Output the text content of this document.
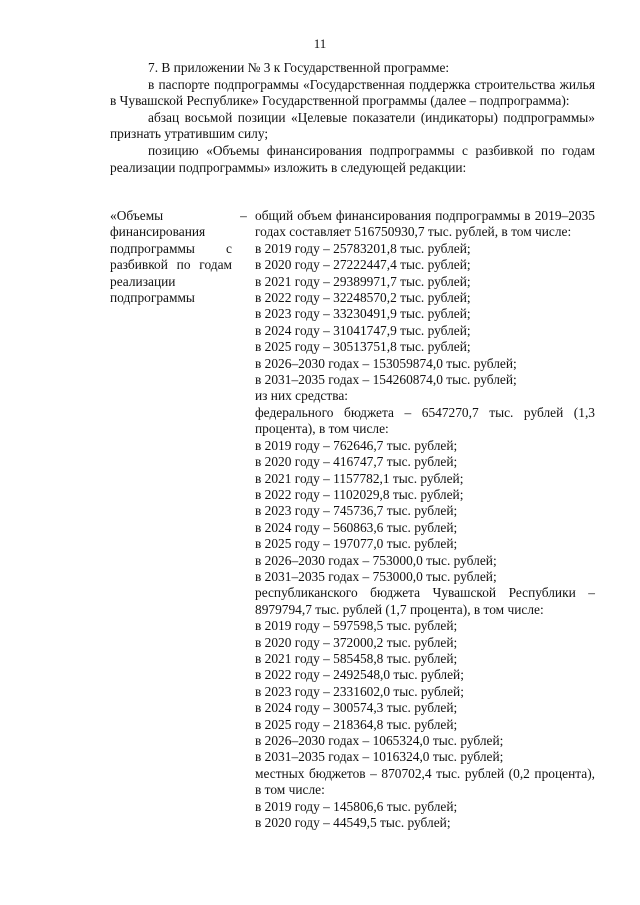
11

7. В приложении № 3 к Государственной программе:

в паспорте подпрограммы «Государственная поддержка строительства жилья в Чувашской Республике» Государственной программы (далее – подпрограмма):

абзац восьмой позиции «Целевые показатели (индикаторы) подпрограммы» признать утратившим силу;

позицию «Объемы финансирования подпрограммы с разбивкой по годам реализации подпрограммы» изложить в следующей редакции:

«Объемы финансирования подпрограммы с разбивкой по годам реализации подпрограммы
– общий объем финансирования подпрограммы в 2019–2035 годах составляет 516750930,7 тыс. рублей, в том числе:
в 2019 году – 25783201,8 тыс. рублей;
в 2020 году – 27222447,4 тыс. рублей;
в 2021 году – 29389971,7 тыс. рублей;
в 2022 году – 32248570,2 тыс. рублей;
в 2023 году – 33230491,9 тыс. рублей;
в 2024 году – 31041747,9 тыс. рублей;
в 2025 году – 30513751,8 тыс. рублей;
в 2026–2030 годах – 153059874,0 тыс. рублей;
в 2031–2035 годах – 154260874,0 тыс. рублей;
из них средства:
федерального бюджета – 6547270,7 тыс. рублей (1,3 процента), в том числе:
в 2019 году – 762646,7 тыс. рублей;
в 2020 году – 416747,7 тыс. рублей;
в 2021 году – 1157782,1 тыс. рублей;
в 2022 году – 1102029,8 тыс. рублей;
в 2023 году – 745736,7 тыс. рублей;
в 2024 году – 560863,6 тыс. рублей;
в 2025 году – 197077,0 тыс. рублей;
в 2026–2030 годах – 753000,0 тыс. рублей;
в 2031–2035 годах – 753000,0 тыс. рублей;
республиканского бюджета Чувашской Республики – 8979794,7 тыс. рублей (1,7 процента), в том числе:
в 2019 году – 597598,5 тыс. рублей;
в 2020 году – 372000,2 тыс. рублей;
в 2021 году – 585458,8 тыс. рублей;
в 2022 году – 2492548,0 тыс. рублей;
в 2023 году – 2331602,0 тыс. рублей;
в 2024 году – 300574,3 тыс. рублей;
в 2025 году – 218364,8 тыс. рублей;
в 2026–2030 годах – 1065324,0 тыс. рублей;
в 2031–2035 годах – 1016324,0 тыс. рублей;
местных бюджетов – 870702,4 тыс. рублей (0,2 процента), в том числе:
в 2019 году – 145806,6 тыс. рублей;
в 2020 году – 44549,5 тыс. рублей;
